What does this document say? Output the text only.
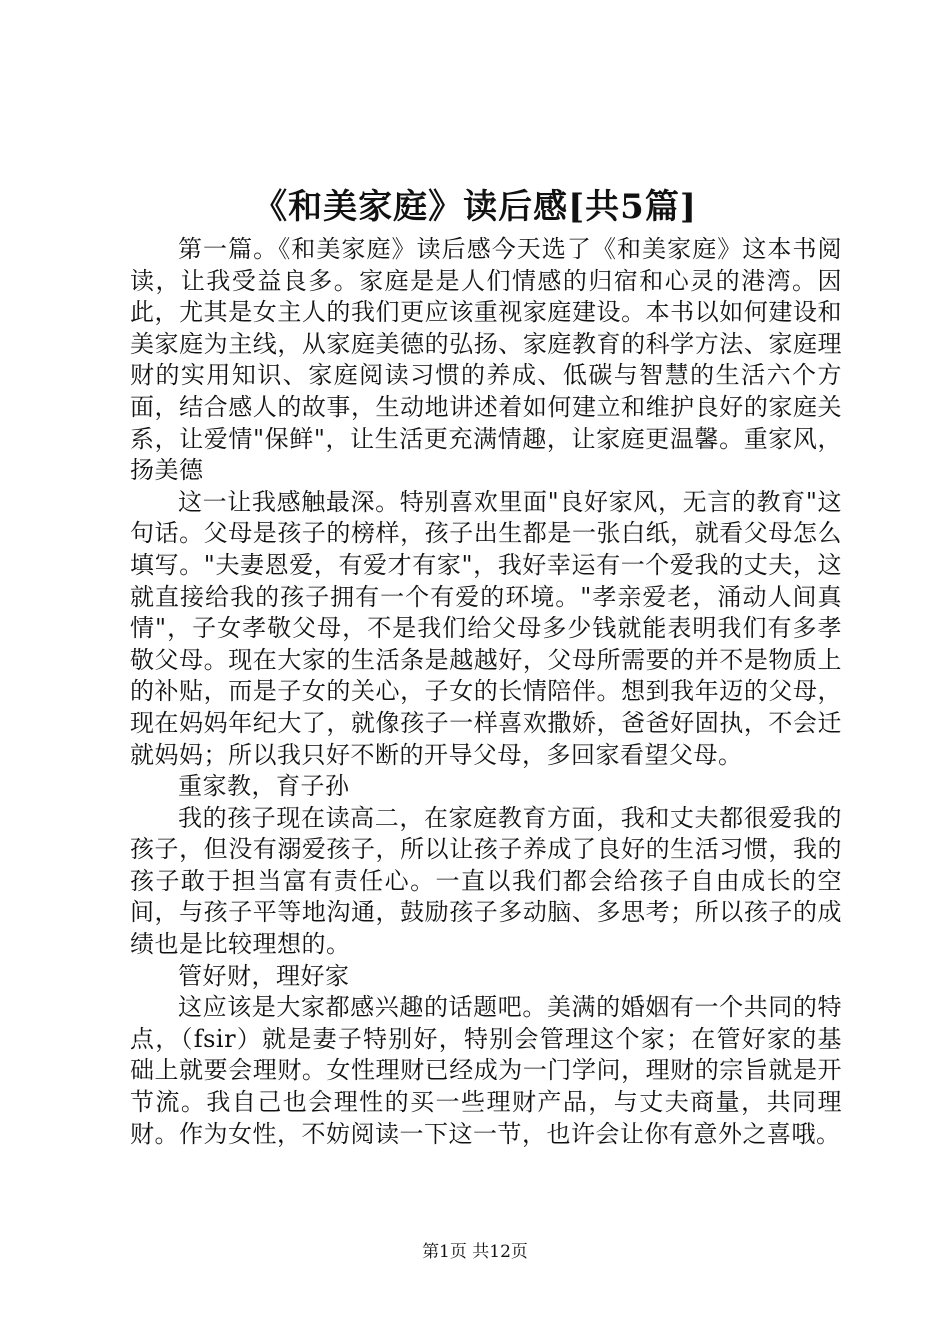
《和美家庭》读后感[共5篇]

第一篇。《和美家庭》读后感今天选了《和美家庭》这本书阅读，让我受益良多。家庭是是人们情感的归宿和心灵的港湾。因此，尤其是女主人的我们更应该重视家庭建设。本书以如何建设和美家庭为主线，从家庭美德的弘扬、家庭教育的科学方法、家庭理财的实用知识、家庭阅读习惯的养成、低碳与智慧的生活六个方面，结合感人的故事，生动地讲述着如何建立和维护良好的家庭关系，让爱情"保鲜"，让生活更充满情趣，让家庭更温馨。重家风，扬美德

这一让我感触最深。特别喜欢里面"良好家风，无言的教育"这句话。父母是孩子的榜样，孩子出生都是一张白纸，就看父母怎么填写。"夫妻恩爱，有爱才有家"，我好幸运有一个爱我的丈夫，这就直接给我的孩子拥有一个有爱的环境。"孝亲爱老，涌动人间真情"，子女孝敬父母，不是我们给父母多少钱就能表明我们有多孝敬父母。现在大家的生活条是越越好，父母所需要的并不是物质上的补贴，而是子女的关心，子女的长情陪伴。想到我年迈的父母，现在妈妈年纪大了，就像孩子一样喜欢撒娇，爸爸好固执，不会迁就妈妈；所以我只好不断的开导父母，多回家看望父母。

重家教，育子孙

我的孩子现在读高二，在家庭教育方面，我和丈夫都很爱我的孩子，但没有溺爱孩子，所以让孩子养成了良好的生活习惯，我的孩子敢于担当富有责任心。一直以我们都会给孩子自由成长的空间，与孩子平等地沟通，鼓励孩子多动脑、多思考；所以孩子的成绩也是比较理想的。

管好财，理好家

这应该是大家都感兴趣的话题吧。美满的婚姻有一个共同的特点，（fsir）就是妻子特别好，特别会管理这个家；在管好家的基础上就要会理财。女性理财已经成为一门学问，理财的宗旨就是开节流。我自己也会理性的买一些理财产品，与丈夫商量，共同理财。作为女性，不妨阅读一下这一节，也许会让你有意外之喜哦。

第1页 共12页
